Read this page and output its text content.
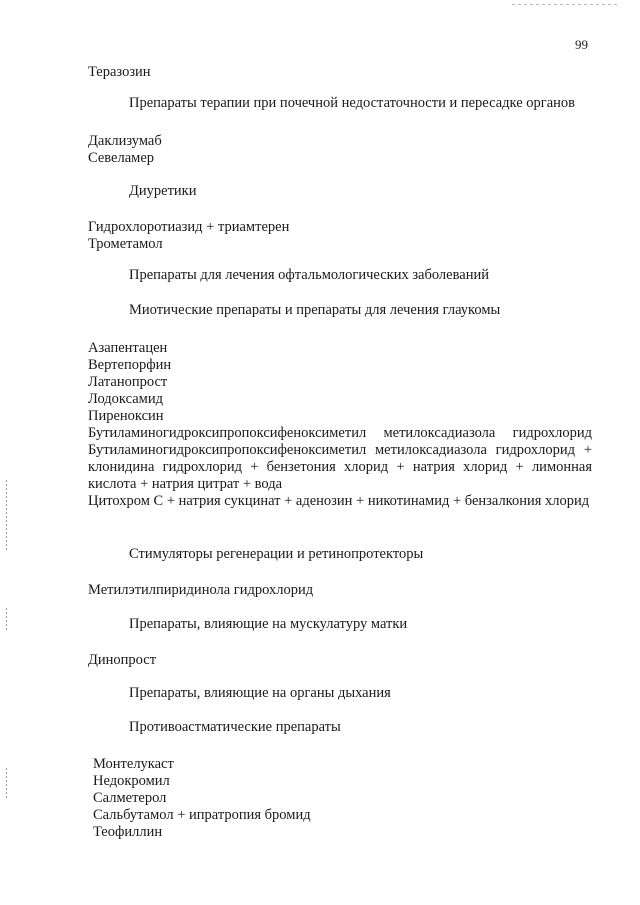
99
Теразозин
Препараты терапии при почечной недостаточности и пересадке органов
Даклизумаб
Севеламер
Диуретики
Гидрохлоротиазид + триамтерен
Трометамол
Препараты для лечения офтальмологических заболеваний
Миотические препараты и препараты для лечения глаукомы
Азапентацен
Вертепорфин
Латанопрост
Лодоксамид
Пиреноксин
Бутиламиногидроксипропоксифеноксиметил метилоксадиазола гидрохлорид
Бутиламиногидроксипропоксифеноксиметил метилоксадиазола гидрохлорид + клонидина гидрохлорид + бензетония хлорид + натрия хлорид + лимонная кислота + натрия цитрат + вода
Цитохром С + натрия сукцинат + аденозин + никотинамид + бензалкония хлорид
Стимуляторы регенерации и ретинопротекторы
Метилэтилпиридинола гидрохлорид
Препараты, влияющие на мускулатуру матки
Динопрост
Препараты, влияющие на органы дыхания
Противоастматические препараты
Монтелукаст
Недокромил
Салметерол
Сальбутамол + ипратропия бромид
Теофиллин
